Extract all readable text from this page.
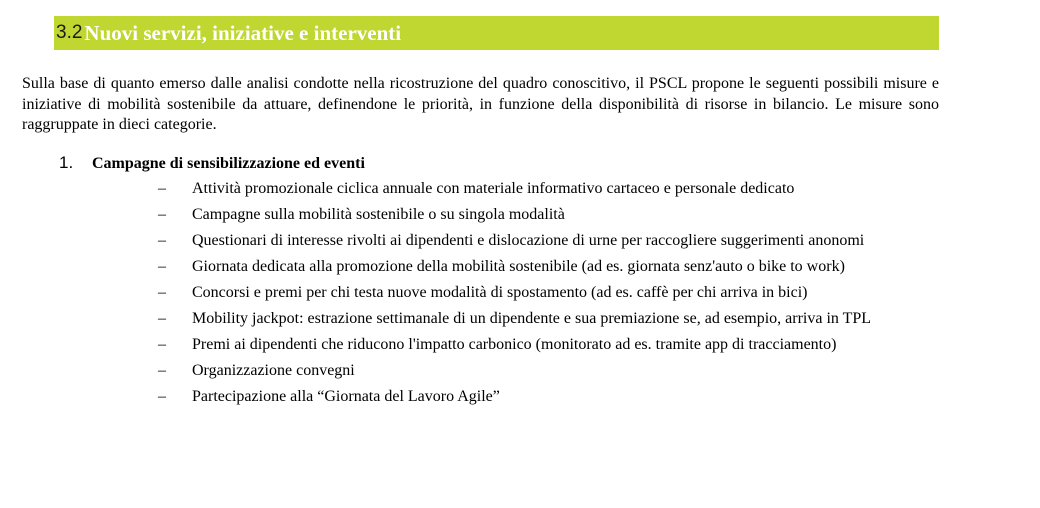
3.2 Nuovi servizi, iniziative e interventi

Sulla base di quanto emerso dalle analisi condotte nella ricostruzione del quadro conoscitivo, il PSCL propone le seguenti possibili misure e iniziative di mobilità sostenibile da attuare, definendone le priorità, in funzione della disponibilità di risorse in bilancio. Le misure sono raggruppate in dieci categorie.

1.	Campagne di sensibilizzazione ed eventi
–	Attività promozionale ciclica annuale con materiale informativo cartaceo e personale dedicato
–	Campagne sulla mobilità sostenibile o su singola modalità
–	Questionari di interesse rivolti ai dipendenti e dislocazione di urne per raccogliere suggerimenti anonomi
–	Giornata dedicata alla promozione della mobilità sostenibile (ad es. giornata senz'auto o bike to work)
–	Concorsi e premi per chi testa nuove modalità di spostamento (ad es. caffè per chi arriva in bici)
–	Mobility jackpot: estrazione settimanale di un dipendente e sua premiazione se, ad esempio, arriva in TPL
–	Premi ai dipendenti che riducono l'impatto carbonico (monitorato ad es. tramite app di tracciamento)
–	Organizzazione convegni
–	Partecipazione alla “Giornata del Lavoro Agile”
